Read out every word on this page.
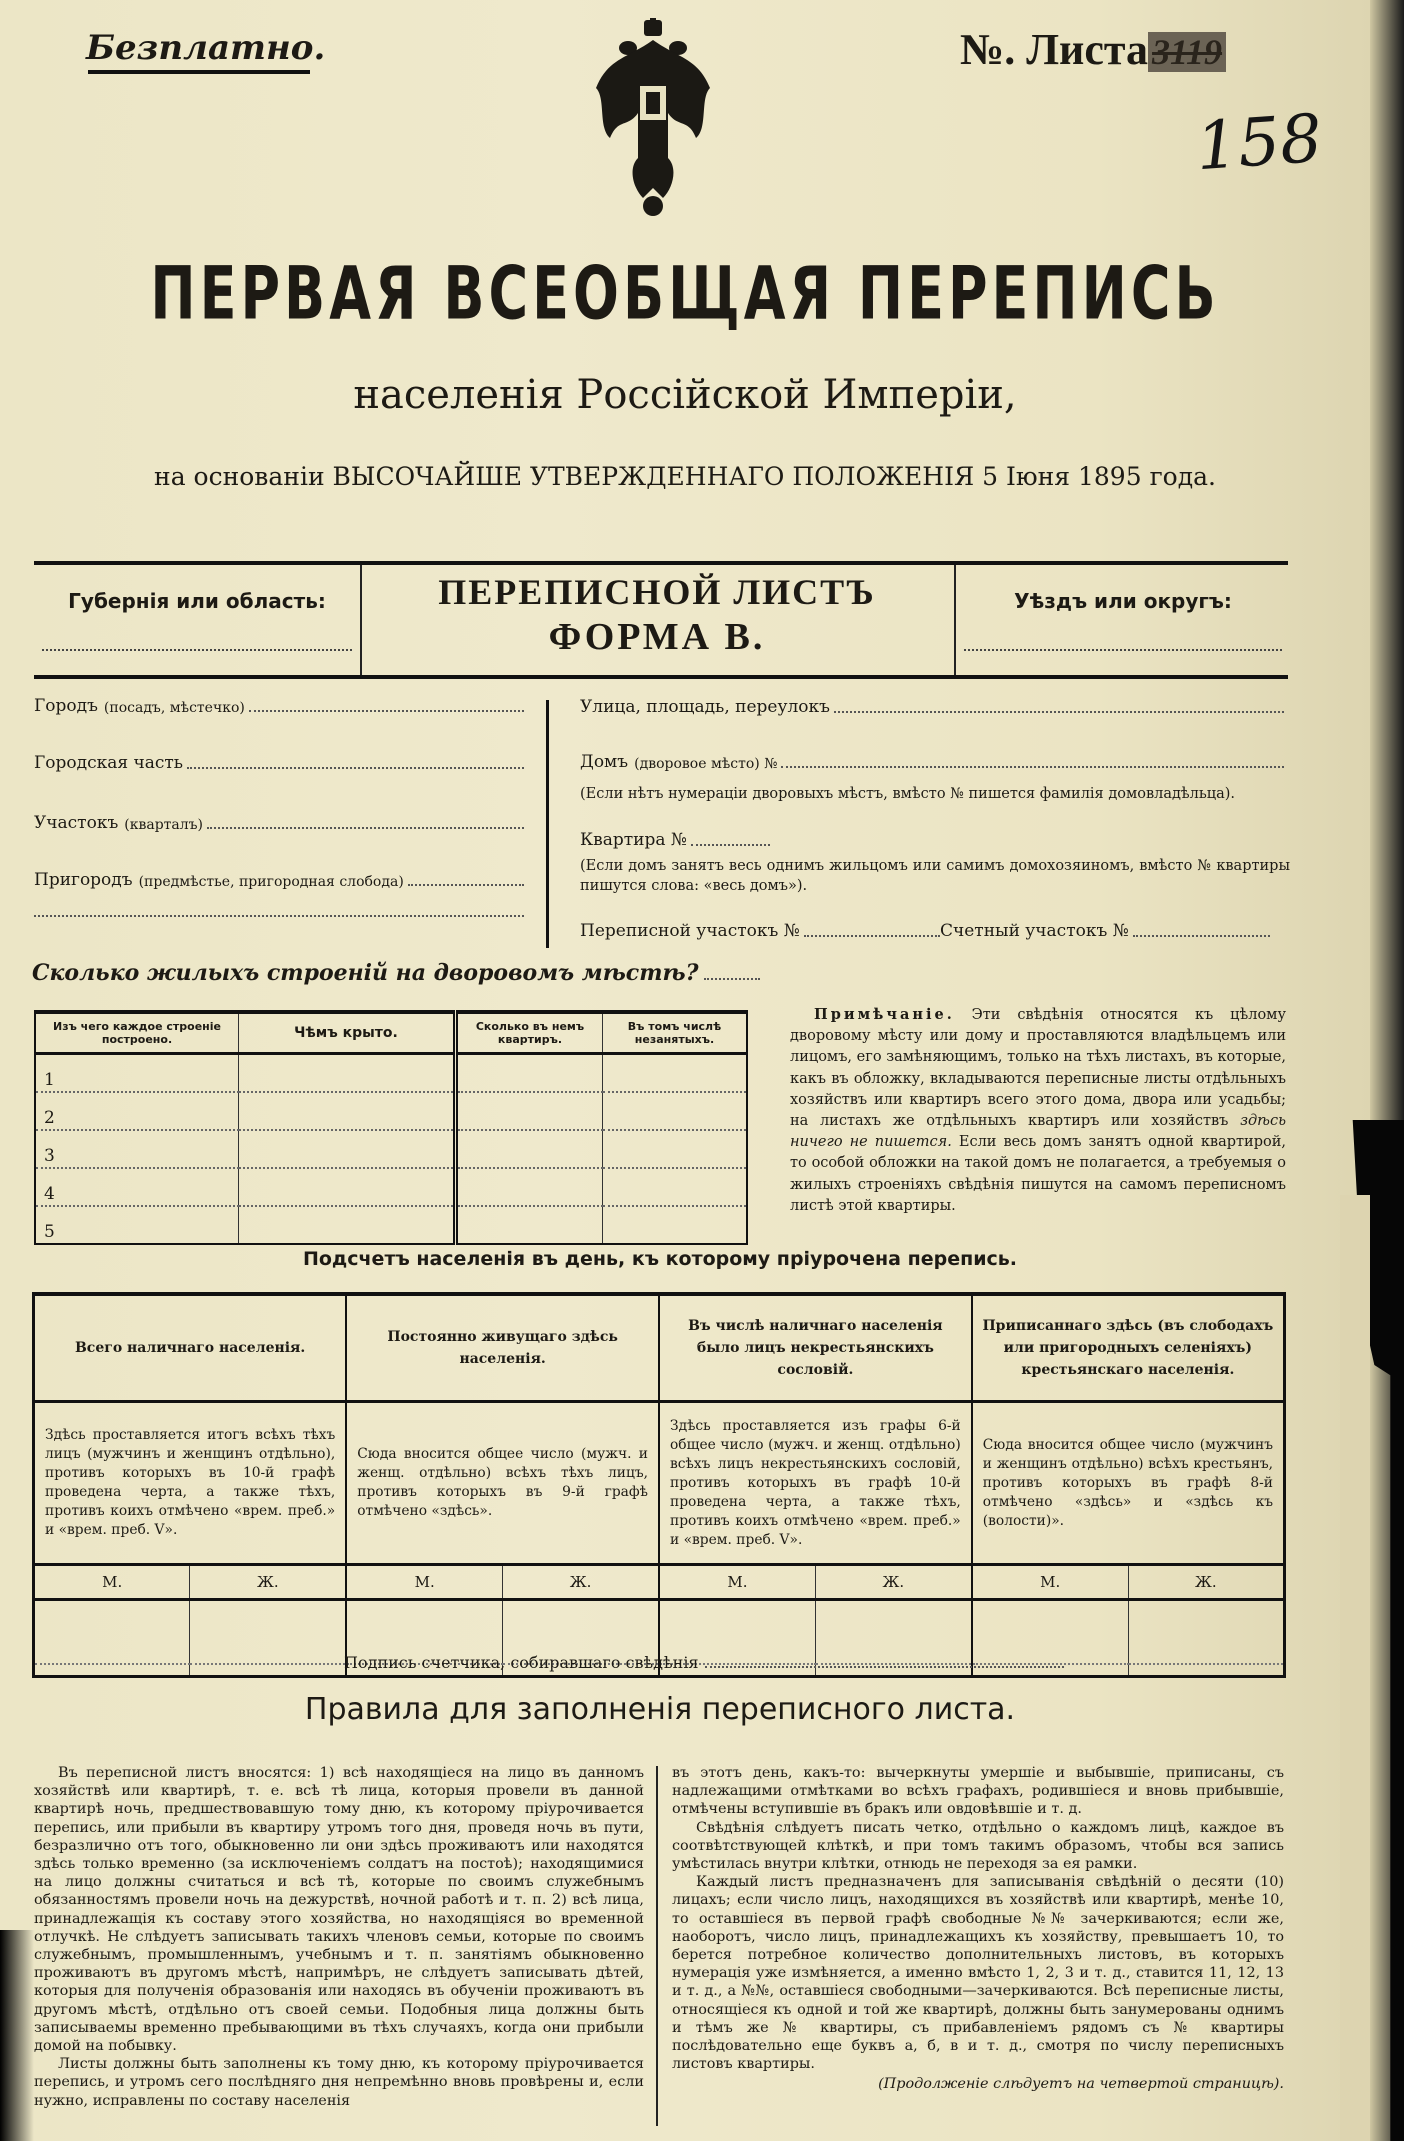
Безплатно.	№. Листа 3119
158
ПЕРВАЯ ВСЕОБЩАЯ ПЕРЕПИСЬ
населенія Россійской Имперіи,
на основаніи ВЫСОЧАЙШЕ УТВЕРЖДЕННАГО ПОЛОЖЕНІЯ 5 Іюня 1895 года.
Губернія или область:	ПЕРЕПИСНОЙ ЛИСТЪ
ФОРМА В.
Уѣздъ или округъ:
Городъ (посадъ, мѣстечко)
Городская часть
Участокъ (кварталъ)
Пригородъ (предмѣстье, пригородная слобода)
Улица, площадь, переулокъ
Домъ (дворовое мѣсто) №
(Если нѣтъ нумераціи дворовыхъ мѣстъ, вмѣсто № пишется фамилія домовладѣльца).
Квартира №
(Если домъ занятъ весь однимъ жильцомъ или самимъ домохозяиномъ, вмѣсто № квартиры пишутся слова: «весь домъ»).
Переписной участокъ №	Счетный участокъ №
Сколько жилыхъ строеній на дворовомъ мѣстѣ?
Изъ чего каждое строеніе построено.	Чѣмъ крыто.	Сколько въ немъ квартиръ.	Въ томъ числѣ незанятыхъ.
1			
2			
3			
4			
5			
Примѣчаніе. Эти свѣдѣнія относятся къ цѣлому дворовому мѣсту или дому и проставляются владѣльцемъ или лицомъ, его замѣняющимъ, только на тѣхъ листахъ, въ которые, какъ въ обложку, вкладываются переписные листы отдѣльныхъ хозяйствъ или квартиръ всего этого дома, двора или усадьбы; на листахъ же отдѣльныхъ квартиръ или хозяйствъ здѣсь ничего не пишется. Если весь домъ занятъ одной квартирой, то особой обложки на такой домъ не полагается, а требуемыя о жилыхъ строеніяхъ свѣдѣнія пишутся на самомъ переписномъ листѣ этой квартиры.
Подсчетъ населенія въ день, къ которому пріурочена перепись.
Всего наличнаго населенія.		Постоянно живущаго здѣсь населенія.		Въ числѣ наличнаго населенія было лицъ некрестьянскихъ сословій.		Приписаннаго здѣсь (въ слободахъ или пригородныхъ селеніяхъ) крестьянскаго населенія.	
Здѣсь проставляется итогъ всѣхъ тѣхъ лицъ (мужчинъ и женщинъ отдѣльно), противъ которыхъ въ 10-й графѣ проведена черта, а также тѣхъ, противъ коихъ отмѣчено «врем. преб.» и «врем. преб. V».		Сюда вносится общее число (мужч. и женщ. отдѣльно) всѣхъ тѣхъ лицъ, противъ которыхъ въ 9-й графѣ отмѣчено «здѣсь».		Здѣсь проставляется изъ графы 6-й общее число (мужч. и женщ. отдѣльно) всѣхъ лицъ некрестьянскихъ сословій, противъ которыхъ въ графѣ 10-й проведена черта, а также тѣхъ, противъ коихъ отмѣчено «врем. преб.» и «врем. преб. V».		Сюда вносится общее число (мужчинъ и женщинъ отдѣльно) всѣхъ крестьянъ, противъ которыхъ въ графѣ 8-й отмѣчено «здѣсь» и «здѣсь къ (волости)».	
М.	Ж.	М.	Ж.	М.	Ж.	М.	Ж.

Подпись счетчика, собиравшаго свѣдѣнія
Правила для заполненія переписного листа.

Въ переписной листъ вносятся: 1) всѣ находящіеся на лицо въ данномъ хозяйствѣ или квартирѣ, т. е. всѣ тѣ лица, которыя провели въ данной квартирѣ ночь, предшествовавшую тому дню, къ которому пріурочивается перепись, или прибыли въ квартиру утромъ того дня, проведя ночь въ пути, безразлично отъ того, обыкновенно ли они здѣсь проживаютъ или находятся здѣсь только временно (за исключеніемъ солдатъ на постоѣ); находящимися на лицо должны считаться и всѣ тѣ, которые по своимъ служебнымъ обязанностямъ провели ночь на дежурствѣ, ночной работѣ и т. п. 2) всѣ лица, принадлежащія къ составу этого хозяйства, но находящіяся во временной отлучкѣ. Не слѣдуетъ записывать такихъ членовъ семьи, которые по своимъ служебнымъ, промышленнымъ, учебнымъ и т. п. занятіямъ обыкновенно проживаютъ въ другомъ мѣстѣ, напримѣръ, не слѣдуетъ записывать дѣтей, которыя для полученія образованія или находясь въ обученіи проживаютъ въ другомъ мѣстѣ, отдѣльно отъ своей семьи. Подобныя лица должны быть записываемы временно пребывающими въ тѣхъ случаяхъ, когда они прибыли домой на побывку.

Листы должны быть заполнены къ тому дню, къ которому пріурочивается перепись, и утромъ сего послѣдняго дня непремѣнно вновь провѣрены и, если нужно, исправлены по составу населенія

въ этотъ день, какъ-то: вычеркнуты умершіе и выбывшіе, приписаны, съ надлежащими отмѣтками во всѣхъ графахъ, родившіеся и вновь прибывшіе, отмѣчены вступившіе въ бракъ или овдовѣвшіе и т. д.

Свѣдѣнія слѣдуетъ писать четко, отдѣльно о каждомъ лицѣ, каждое въ соотвѣтствующей клѣткѣ, и при томъ такимъ образомъ, чтобы вся запись умѣстилась внутри клѣтки, отнюдь не переходя за ея рамки.

Каждый листъ предназначенъ для записыванія свѣдѣній о десяти (10) лицахъ; если число лицъ, находящихся въ хозяйствѣ или квартирѣ, менѣе 10, то оставшіеся въ первой графѣ свободные №№ зачеркиваются; если же, наоборотъ, число лицъ, принадлежащихъ къ хозяйству, превышаетъ 10, то берется потребное количество дополнительныхъ листовъ, въ которыхъ нумерація уже измѣняется, а именно вмѣсто 1, 2, 3 и т. д., ставится 11, 12, 13 и т. д., а №№, оставшіеся свободными—зачеркиваются. Всѣ переписные листы, относящіеся къ одной и той же квартирѣ, должны быть занумерованы однимъ и тѣмъ же № квартиры, съ прибавленіемъ рядомъ съ № квартиры послѣдовательно еще буквъ а, б, в и т. д., смотря по числу переписныхъ листовъ квартиры.

(Продолженіе слѣдуетъ на четвертой страницѣ).
